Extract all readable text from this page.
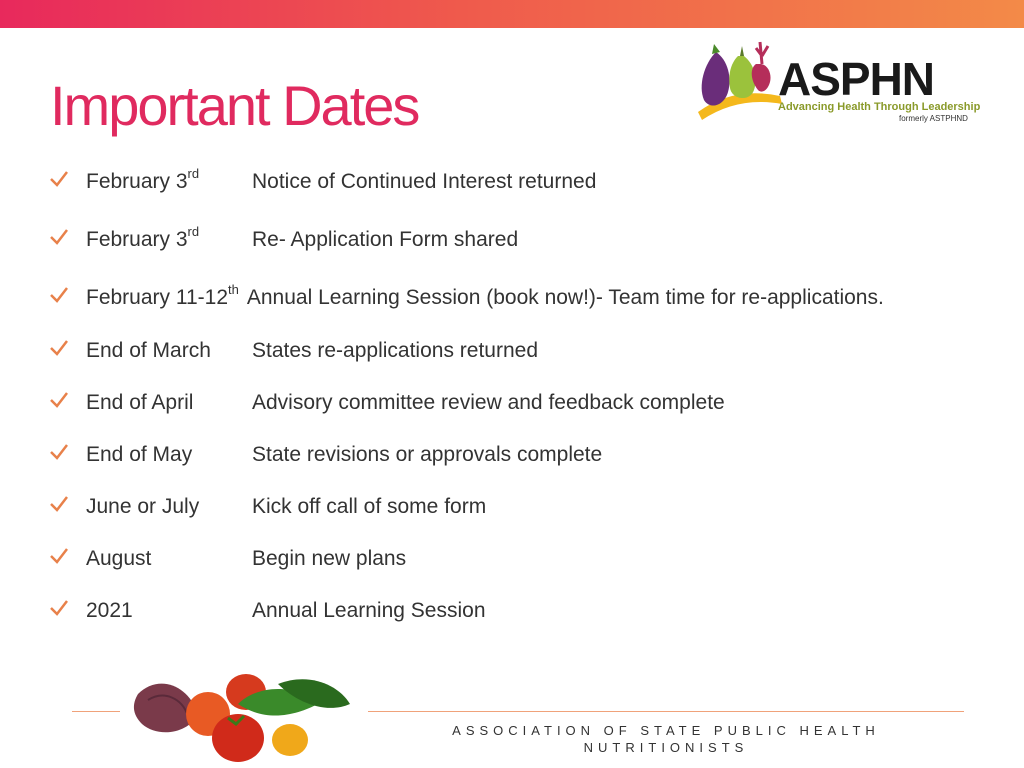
Important Dates	ASPHN
Advancing Health Through Leadership
formerly ASTPHND
February 3rd	Notice of Continued Interest returned
February 3rd	Re- Application Form shared
February 11-12th Annual Learning Session (book now!)- Team time for re-applications.
End of March States re-applications returned
End of April	Advisory committee review and feedback complete
End of May	State revisions or approvals complete
June or July	Kick off call of some form
August	Begin new plans
2021	Annual Learning Session
ASSOCIATION OF STATE PUBLIC HEALTH
NUTRITIONISTS
